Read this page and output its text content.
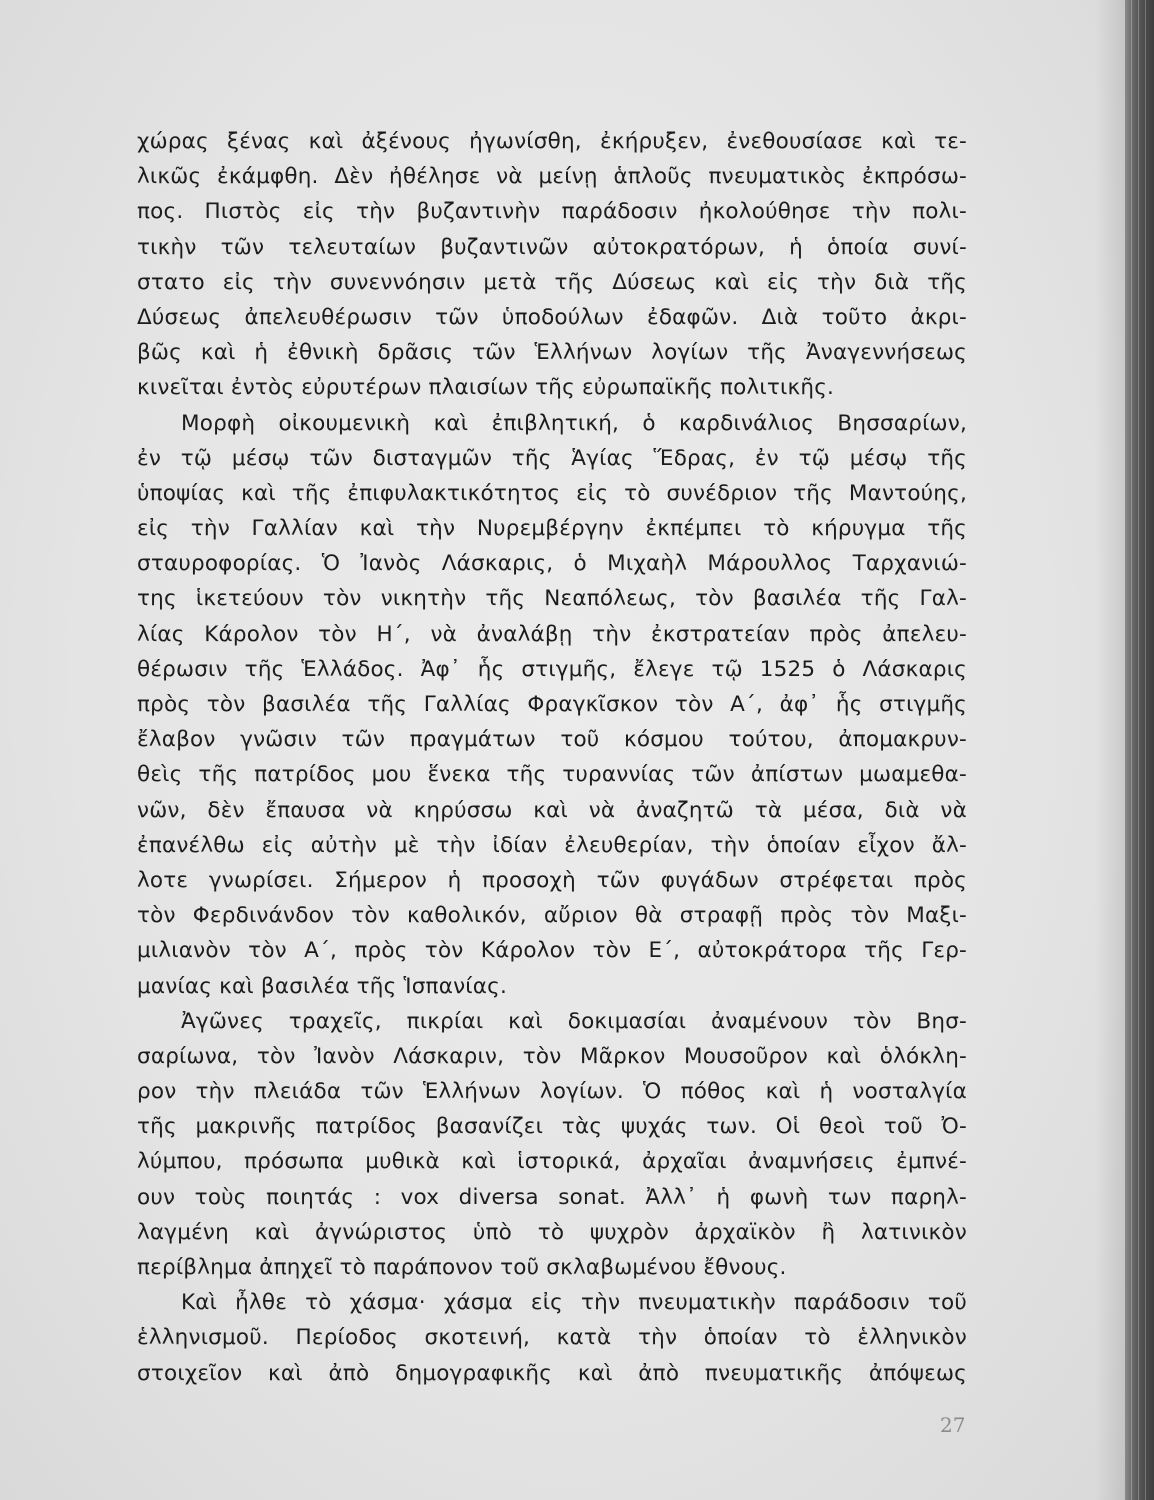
χώρας ξένας καὶ ἀξένους ἠγωνίσθη, ἐκήρυξεν, ἐνεθουσίασε καὶ τε-
λικῶς ἐκάμφθη. Δὲν ἠθέλησε νὰ μείνῃ ἁπλοῦς πνευματικὸς ἐκπρόσω-
πος. Πιστὸς εἰς τὴν βυζαντινὴν παράδοσιν ἠκολούθησε τὴν πολι-
τικὴν τῶν τελευταίων βυζαντινῶν αὐτοκρατόρων, ἡ ὁποία συνί-
στατο εἰς τὴν συνεννόησιν μετὰ τῆς Δύσεως καὶ εἰς τὴν διὰ τῆς
Δύσεως ἀπελευθέρωσιν τῶν ὑποδούλων ἐδαφῶν. Διὰ τοῦτο ἀκρι-
βῶς καὶ ἡ ἐθνικὴ δρᾶσις τῶν Ἑλλήνων λογίων τῆς Ἀναγεννήσεως
κινεῖται ἐντὸς εὐρυτέρων πλαισίων τῆς εὐρωπαϊκῆς πολιτικῆς.
Μορφὴ οἰκουμενικὴ καὶ ἐπιβλητική, ὁ καρδινάλιος Βησσαρίων,
ἐν τῷ μέσῳ τῶν δισταγμῶν τῆς Ἁγίας Ἕδρας, ἐν τῷ μέσῳ τῆς
ὑποψίας καὶ τῆς ἐπιφυλακτικότητος εἰς τὸ συνέδριον τῆς Μαντούης,
εἰς τὴν Γαλλίαν καὶ τὴν Νυρεμβέργην ἐκπέμπει τὸ κήρυγμα τῆς
σταυροφορίας. Ὁ Ἰανὸς Λάσκαρις, ὁ Μιχαὴλ Μάρουλλος Ταρχανιώ-
της ἱκετεύουν τὸν νικητὴν τῆς Νεαπόλεως, τὸν βασιλέα τῆς Γαλ-
λίας Κάρολον τὸν Η΄, νὰ ἀναλάβῃ τὴν ἐκστρατείαν πρὸς ἀπελευ-
θέρωσιν τῆς Ἑλλάδος. Ἀφ᾽ ἧς στιγμῆς, ἔλεγε τῷ 1525 ὁ Λάσκαρις
πρὸς τὸν βασιλέα τῆς Γαλλίας Φραγκῖσκον τὸν Α΄, ἀφ᾽ ἧς στιγμῆς
ἔλαβον γνῶσιν τῶν πραγμάτων τοῦ κόσμου τούτου, ἀπομακρυν-
θεὶς τῆς πατρίδος μου ἕνεκα τῆς τυραννίας τῶν ἀπίστων μωαμεθα-
νῶν, δὲν ἔπαυσα νὰ κηρύσσω καὶ νὰ ἀναζητῶ τὰ μέσα, διὰ νὰ
ἐπανέλθω εἰς αὐτὴν μὲ τὴν ἰδίαν ἐλευθερίαν, τὴν ὁποίαν εἶχον ἄλ-
λοτε γνωρίσει. Σήμερον ἡ προσοχὴ τῶν φυγάδων στρέφεται πρὸς
τὸν Φερδινάνδον τὸν καθολικόν, αὔριον θὰ στραφῇ πρὸς τὸν Μαξι-
μιλιανὸν τὸν Α΄, πρὸς τὸν Κάρολον τὸν Ε΄, αὐτοκράτορα τῆς Γερ-
μανίας καὶ βασιλέα τῆς Ἱσπανίας.
Ἀγῶνες τραχεῖς, πικρίαι καὶ δοκιμασίαι ἀναμένουν τὸν Βησ-
σαρίωνα, τὸν Ἰανὸν Λάσκαριν, τὸν Μᾶρκον Μουσοῦρον καὶ ὁλόκλη-
ρον τὴν πλειάδα τῶν Ἑλλήνων λογίων. Ὁ πόθος καὶ ἡ νοσταλγία
τῆς μακρινῆς πατρίδος βασανίζει τὰς ψυχάς των. Οἱ θεοὶ τοῦ Ὀ-
λύμπου, πρόσωπα μυθικὰ καὶ ἱστορικά, ἀρχαῖαι ἀναμνήσεις ἐμπνέ-
ουν τοὺς ποιητάς : vox diversa sonat. Ἀλλ᾽ ἡ φωνὴ των παρηλ-
λαγμένη καὶ ἀγνώριστος ὑπὸ τὸ ψυχρὸν ἀρχαϊκὸν ἢ λατινικὸν
περίβλημα ἀπηχεῖ τὸ παράπονον τοῦ σκλαβωμένου ἔθνους.
Καὶ ἦλθε τὸ χάσμα· χάσμα εἰς τὴν πνευματικὴν παράδοσιν τοῦ
ἑλληνισμοῦ. Περίοδος σκοτεινή, κατὰ τὴν ὁποίαν τὸ ἑλληνικὸν
στοιχεῖον καὶ ἀπὸ δημογραφικῆς καὶ ἀπὸ πνευματικῆς ἀπόψεως
27
